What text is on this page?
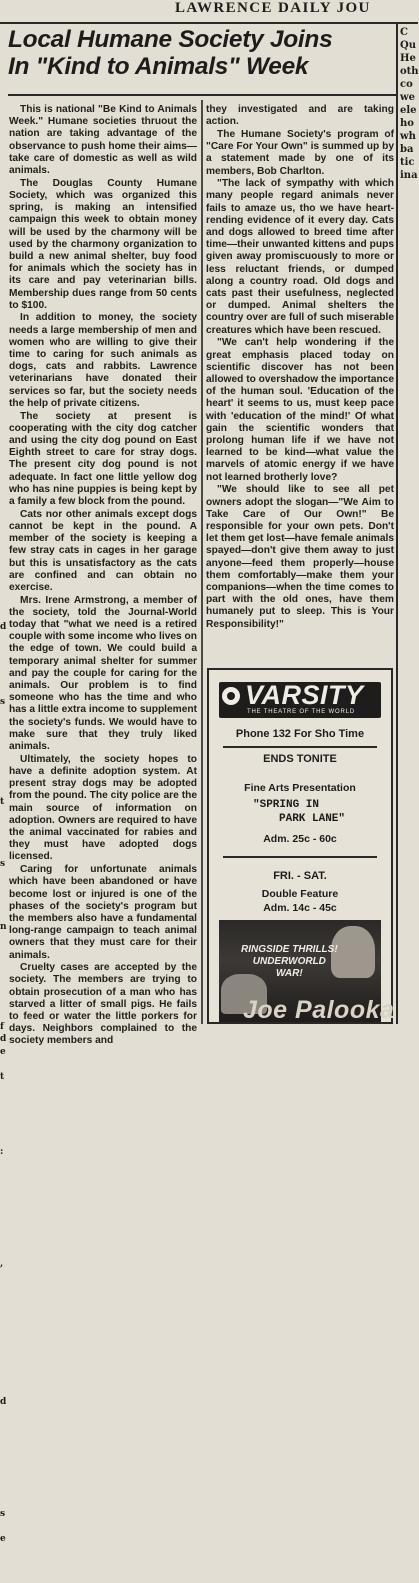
LAWRENCE DAILY JOU
C
Qu
He
oth
co
we
ele
ho
wh
ba
tic
ina

d

s

t

s

n

f
d
e

t

:

,

d

s

e

Local Humane Society Joins
In "Kind to Animals" Week

This is national "Be Kind to Animals Week." Humane societies thruout the nation are taking advantage of the observance to push home their aims—take care of domestic as well as wild animals.

The Douglas County Humane Society, which was organized this spring, is making an intensified campaign this week to obtain money will be used by the charmony will be used by the charmony organization to build a new animal shelter, buy food for animals which the society has in its care and pay veterinarian bills. Membership dues range from 50 cents to $100.

In addition to money, the society needs a large membership of men and women who are willing to give their time to caring for such animals as dogs, cats and rabbits. Lawrence veterinarians have donated their services so far, but the society needs the help of private citizens.

The society at present is cooperating with the city dog catcher and using the city dog pound on East Eighth street to care for stray dogs. The present city dog pound is not adequate. In fact one little yellow dog who has nine puppies is being kept by a family a few block from the pound.

Cats nor other animals except dogs cannot be kept in the pound. A member of the society is keeping a few stray cats in cages in her garage but this is unsatisfactory as the cats are confined and can obtain no exercise.

Mrs. Irene Armstrong, a member of the society, told the Journal-World today that "what we need is a retired couple with some income who lives on the edge of town. We could build a temporary animal shelter for summer and pay the couple for caring for the animals. Our problem is to find someone who has the time and who has a little extra income to supplement the society's funds. We would have to make sure that they truly liked animals.

Ultimately, the society hopes to have a definite adoption system. At present stray dogs may be adopted from the pound. The city police are the main source of information on adoption. Owners are required to have the animal vaccinated for rabies and they must have adopted dogs licensed.

Caring for unfortunate animals which have been abandoned or have become lost or injured is one of the phases of the society's program but the members also have a fundamental long-range campaign to teach animal owners that they must care for their animals.

Cruelty cases are accepted by the society. The members are trying to obtain prosecution of a man who has starved a litter of small pigs. He fails to feed or water the little porkers for days. Neighbors complained to the society members and

they investigated and are taking action.

The Humane Society's program of "Care For Your Own" is summed up by a statement made by one of its members, Bob Charlton.

"The lack of sympathy with which many people regard animals never fails to amaze us, tho we have heart-rending evidence of it every day. Cats and dogs allowed to breed time after time—their unwanted kittens and pups given away promiscuously to more or less reluctant friends, or dumped along a country road. Old dogs and cats past their usefulness, neglected or dumped. Animal shelters the country over are full of such miserable creatures which have been rescued.

"We can't help wondering if the great emphasis placed today on scientific discover has not been allowed to overshadow the importance of the human soul. 'Education of the heart' it seems to us, must keep pace with 'education of the mind!' Of what gain the scientific wonders that prolong human life if we have not learned to be kind—what value the marvels of atomic energy if we have not learned brotherly love?

"We should like to see all pet owners adopt the slogan—"We Aim to Take Care of Our Own!" Be responsible for your own pets. Don't let them get lost—have female animals spayed—don't give them away to just anyone—feed them properly—house them comfortably—make them your companions—when the time comes to part with the old ones, have them humanely put to sleep. This is Your Responsibility!"

VARSITY
THE THEATRE OF THE WORLD
Phone 132 For Sho Time
ENDS TONITE
Fine Arts Presentation
"SPRING IN
PARK LANE"
Adm. 25c - 60c
FRI. - SAT.
Double Feature
Adm. 14c - 45c
RINGSIDE THRILLS!
UNDERWORLD
WAR!
Joe Palooka
